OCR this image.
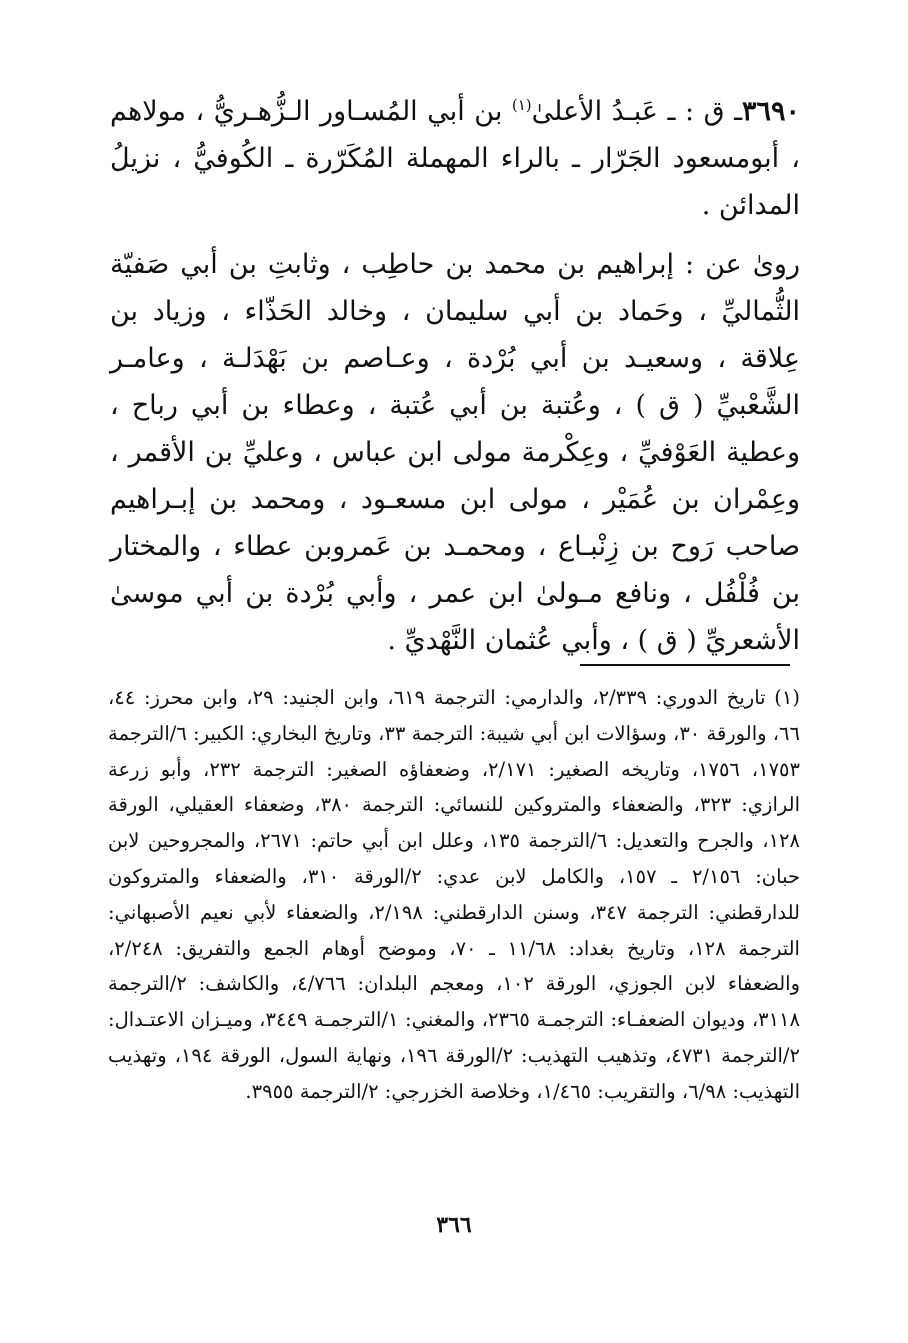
٣٦٩٠ـ ق : ـ عَبـدُ الأعلىٰ$^{(١)}$ بن أبي المُسـاور الـزُّهـريُّ ، مولاهم ، أبومسعود الجَرّار ـ بالراء المهملة المُكَرّرة ـ الكُوفيُّ ، نزيلُ المدائن .

روىٰ عن : إبراهيم بن محمد بن حاطِب ، وثابتِ بن أبي صَفيّة الثُّماليِّ ، وحَماد بن أبي سليمان ، وخالد الحَذّاء ، وزياد بن عِلاقة ، وسعيـد بن أبي بُرْدة ، وعـاصم بن بَهْدَلـة ، وعامـر الشَّعْبيِّ ( ق ) ، وعُتبة بن أبي عُتبة ، وعطاء بن أبي رباح ، وعطية العَوْفيِّ ، وعِكْرمة مولى ابن عباس ، وعليِّ بن الأقمر ، وعِمْران بن عُمَيْر ، مولى ابن مسعـود ، ومحمد بن إبـراهيم صاحب رَوح بن زِنْبـاع ، ومحمـد بن عَمروبن عطاء ، والمختار بن فُلْفُل ، ونافع مـولىٰ ابن عمر ، وأبي بُرْدة بن أبي موسىٰ الأشعريِّ ( ق ) ، وأبي عُثمان النَّهْديِّ .

(١) تاريخ الدوري: ٢/٣٣٩، والدارمي: الترجمة ٦١٩، وابن الجنيد: ٢٩، وابن محرز: ٤٤، ٦٦، والورقة ٣٠، وسؤالات ابن أبي شيبة: الترجمة ٣٣، وتاريخ البخاري: الكبير: ٦/الترجمة ١٧٥٣، ١٧٥٦، وتاريخه الصغير: ٢/١٧١، وضعفاؤه الصغير: الترجمة ٢٣٢، وأبو زرعة الرازي: ٣٢٣، والضعفاء والمتروكين للنسائي: الترجمة ٣٨٠، وضعفاء العقيلي، الورقة ١٢٨، والجرح والتعديل: ٦/الترجمة ١٣٥، وعلل ابن أبي حاتم: ٢٦٧١، والمجروحين لابن حبان: ٢/١٥٦ ـ ١٥٧، والكامل لابن عدي: ٢/الورقة ٣١٠، والضعفاء والمتروكون للدارقطني: الترجمة ٣٤٧، وسنن الدارقطني: ٢/١٩٨، والضعفاء لأبي نعيم الأصبهاني: الترجمة ١٢٨، وتاريخ بغداد: ١١/٦٨ ـ ٧٠، وموضح أوهام الجمع والتفريق: ٢/٢٤٨، والضعفاء لابن الجوزي، الورقة ١٠٢، ومعجم البلدان: ٤/٧٦٦، والكاشف: ٢/الترجمة ٣١١٨، وديوان الضعفـاء: الترجمـة ٢٣٦٥، والمغني: ١/الترجمـة ٣٤٤٩، وميـزان الاعتـدال: ٢/الترجمة ٤٧٣١، وتذهيب التهذيب: ٢/الورقة ١٩٦، ونهاية السول، الورقة ١٩٤، وتهذيب التهذيب: ٦/٩٨، والتقريب: ١/٤٦٥، وخلاصة الخزرجي: ٢/الترجمة ٣٩٥٥.

٣٦٦
